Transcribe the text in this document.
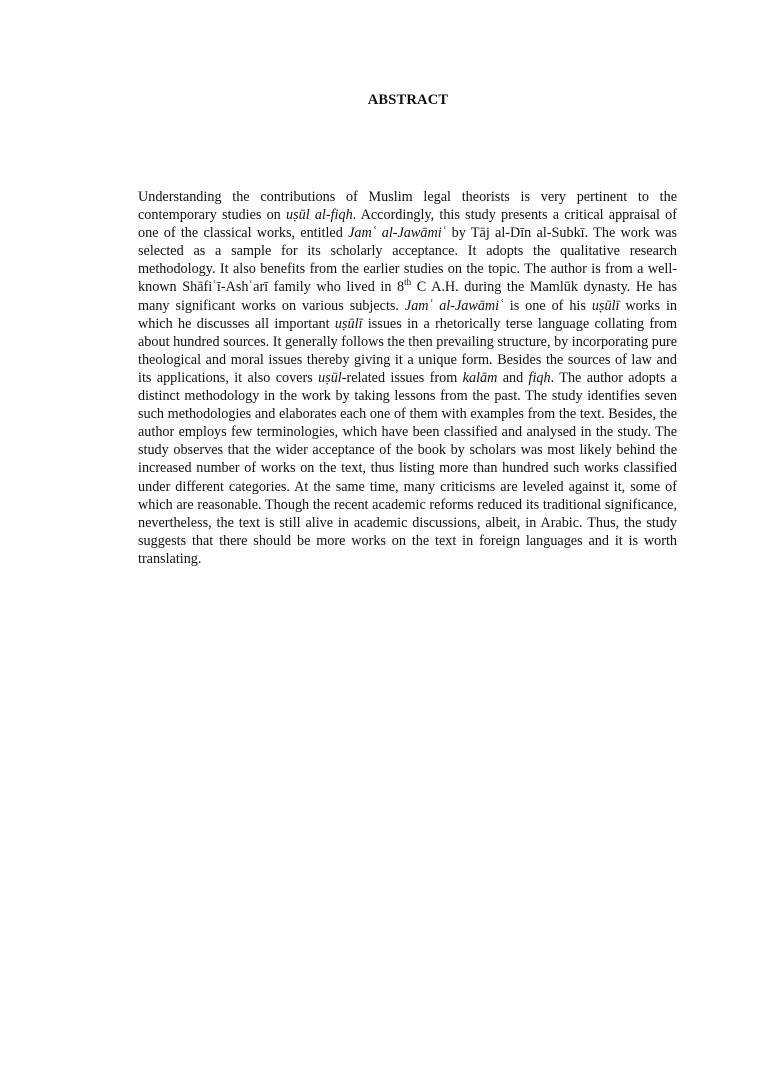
ABSTRACT

Understanding the contributions of Muslim legal theorists is very pertinent to the contemporary studies on uṣūl al-fiqh. Accordingly, this study presents a critical appraisal of one of the classical works, entitled Jamʿ al-Jawāmiʿ by Tāj al-Dīn al-Subkī. The work was selected as a sample for its scholarly acceptance. It adopts the qualitative research methodology. It also benefits from the earlier studies on the topic. The author is from a well-known Shāfiʿī-Ashʿarī family who lived in 8th C A.H. during the Mamlūk dynasty. He has many significant works on various subjects. Jamʿ al-Jawāmiʿ is one of his uṣūlī works in which he discusses all important uṣūlī issues in a rhetorically terse language collating from about hundred sources. It generally follows the then prevailing structure, by incorporating pure theological and moral issues thereby giving it a unique form. Besides the sources of law and its applications, it also covers uṣūl-related issues from kalām and fiqh. The author adopts a distinct methodology in the work by taking lessons from the past. The study identifies seven such methodologies and elaborates each one of them with examples from the text. Besides, the author employs few terminologies, which have been classified and analysed in the study. The study observes that the wider acceptance of the book by scholars was most likely behind the increased number of works on the text, thus listing more than hundred such works classified under different categories. At the same time, many criticisms are leveled against it, some of which are reasonable. Though the recent academic reforms reduced its traditional significance, nevertheless, the text is still alive in academic discussions, albeit, in Arabic. Thus, the study suggests that there should be more works on the text in foreign languages and it is worth translating.
